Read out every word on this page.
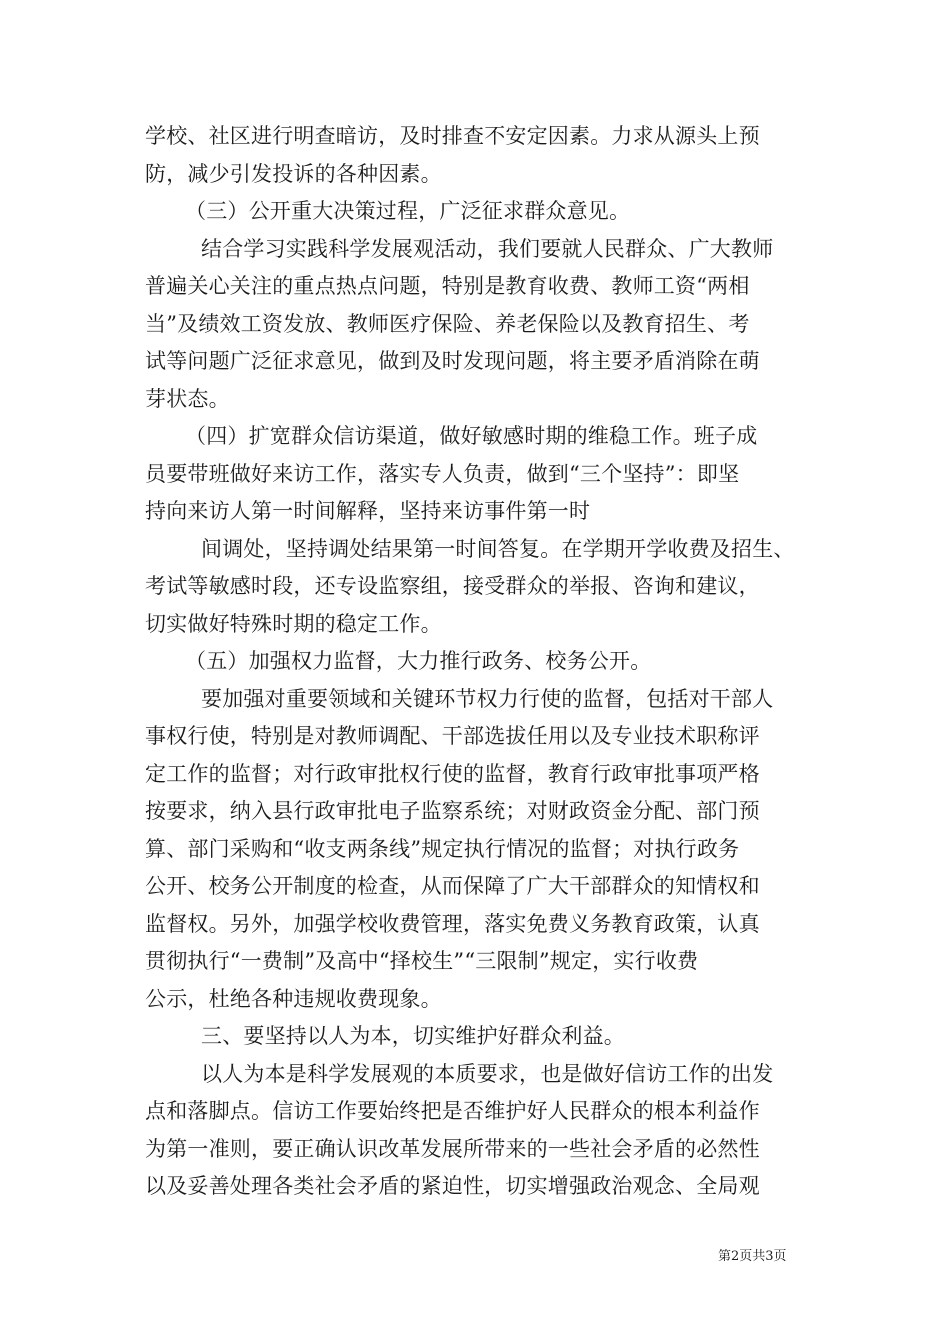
学校、社区进行明查暗访，及时排查不安定因素。力求从源头上预
防，减少引发投诉的各种因素。
（三）公开重大决策过程，广泛征求群众意见。
结合学习实践科学发展观活动，我们要就人民群众、广大教师
普遍关心关注的重点热点问题，特别是教育收费、教师工资“两相
当”及绩效工资发放、教师医疗保险、养老保险以及教育招生、考
试等问题广泛征求意见，做到及时发现问题，将主要矛盾消除在萌
芽状态。
（四）扩宽群众信访渠道，做好敏感时期的维稳工作。班子成
员要带班做好来访工作，落实专人负责，做到“三个坚持”：即坚
持向来访人第一时间解释，坚持来访事件第一时
间调处，坚持调处结果第一时间答复。在学期开学收费及招生、
考试等敏感时段，还专设监察组，接受群众的举报、咨询和建议，
切实做好特殊时期的稳定工作。
（五）加强权力监督，大力推行政务、校务公开。
要加强对重要领域和关键环节权力行使的监督，包括对干部人
事权行使，特别是对教师调配、干部选拔任用以及专业技术职称评
定工作的监督；对行政审批权行使的监督，教育行政审批事项严格
按要求，纳入县行政审批电子监察系统；对财政资金分配、部门预
算、部门采购和“收支两条线”规定执行情况的监督；对执行政务
公开、校务公开制度的检查，从而保障了广大干部群众的知情权和
监督权。另外，加强学校收费管理，落实免费义务教育政策，认真
贯彻执行“一费制”及高中“择校生”“三限制”规定，实行收费
公示，杜绝各种违规收费现象。
三、要坚持以人为本，切实维护好群众利益。
以人为本是科学发展观的本质要求，也是做好信访工作的出发
点和落脚点。信访工作要始终把是否维护好人民群众的根本利益作
为第一准则，要正确认识改革发展所带来的一些社会矛盾的必然性
以及妥善处理各类社会矛盾的紧迫性，切实增强政治观念、全局观
第2页共3页
